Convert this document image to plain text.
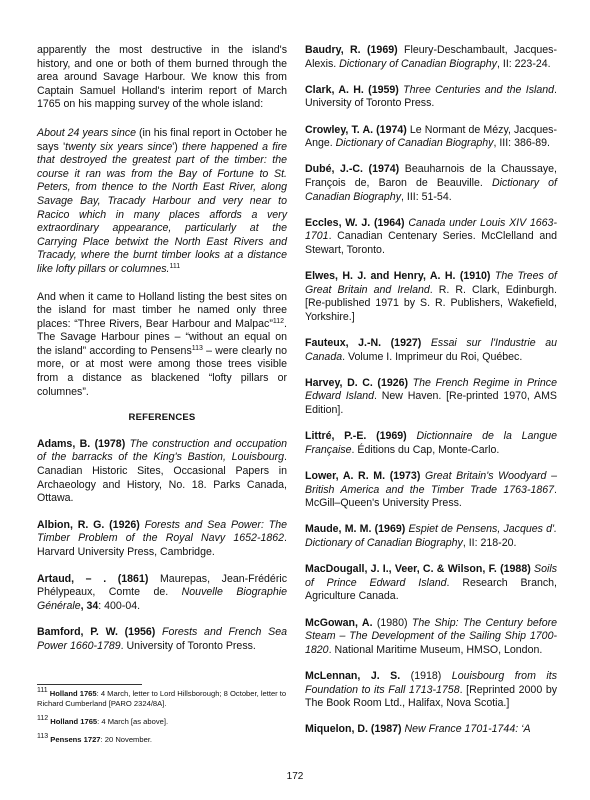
apparently the most destructive in the island's history, and one or both of them burned through the area around Savage Harbour. We know this from Captain Samuel Holland's interim report of March 1765 on his mapping survey of the whole island:

About 24 years since (in his final report in October he says 'twenty six years since') there happened a fire that destroyed the greatest part of the timber: the course it ran was from the Bay of Fortune to St. Peters, from thence to the North East River, along Savage Bay, Tracady Harbour and very near to Racico which in many places affords a very extraordinary appearance, particularly at the Carrying Place betwixt the North East Rivers and Tracady, where the burnt timber looks at a distance like lofty pillars or columnes.$^{111}$

And when it came to Holland listing the best sites on the island for mast timber he named only three places: “Three Rivers, Bear Harbour and Malpac”$^{112}$. The Savage Harbour pines – “without an equal on the island” according to Pensens$^{113}$ – were clearly no more, or at most were among those trees visible from a distance as blackened “lofty pillars or columnes”.

REFERENCES

Adams, B. (1978) The construction and occupation of the barracks of the King's Bastion, Louisbourg. Canadian Historic Sites, Occasional Papers in Archaeology and History, No. 18. Parks Canada, Ottawa.

Albion, R. G. (1926) Forests and Sea Power: The Timber Problem of the Royal Navy 1652-1862. Harvard University Press, Cambridge.

Artaud, – . (1861) Maurepas, Jean-Frédéric Phélypeaux, Comte de. Nouvelle Biographie Générale, 34: 400-04.

Bamford, P. W. (1956) Forests and French Sea Power 1660-1789. University of Toronto Press.

Baudry, R. (1969) Fleury-Deschambault, Jacques-Alexis. Dictionary of Canadian Biography, II: 223-24.

Clark, A. H. (1959) Three Centuries and the Island. University of Toronto Press.

Crowley, T. A. (1974) Le Normant de Mézy, Jacques-Ange. Dictionary of Canadian Biography, III: 386-89.

Dubé, J.-C. (1974) Beauharnois de la Chaussaye, François de, Baron de Beauville. Dictionary of Canadian Biography, III: 51-54.

Eccles, W. J. (1964) Canada under Louis XIV 1663-1701. Canadian Centenary Series. McClelland and Stewart, Toronto.

Elwes, H. J. and Henry, A. H. (1910) The Trees of Great Britain and Ireland. R. R. Clark, Edinburgh. [Re-published 1971 by S. R. Publishers, Wakefield, Yorkshire.]

Fauteux, J.-N. (1927) Essai sur l'Industrie au Canada. Volume I. Imprimeur du Roi, Québec.

Harvey, D. C. (1926) The French Regime in Prince Edward Island. New Haven. [Re-printed 1970, AMS Edition].

Littré, P.-E. (1969) Dictionnaire de la Langue Française. Éditions du Cap, Monte-Carlo.

Lower, A. R. M. (1973) Great Britain's Woodyard – British America and the Timber Trade 1763-1867. McGill–Queen's University Press.

Maude, M. M. (1969) Espiet de Pensens, Jacques d'. Dictionary of Canadian Biography, II: 218-20.

MacDougall, J. I., Veer, C. & Wilson, F. (1988) Soils of Prince Edward Island. Research Branch, Agriculture Canada.

McGowan, A. (1980) The Ship: The Century before Steam – The Development of the Sailing Ship 1700-1820. National Maritime Museum, HMSO, London.

McLennan, J. S. (1918) Louisbourg from its Foundation to its Fall 1713-1758. [Reprinted 2000 by The Book Room Ltd., Halifax, Nova Scotia.]

Miquelon, D. (1987) New France 1701-1744: ‘A

$^{111}$ Holland 1765: 4 March, letter to Lord Hillsborough; 8 October, letter to Richard Cumberland [PARO 2324/8A].
$^{112}$ Holland 1765: 4 March [as above].
$^{113}$ Pensens 1727: 20 November.
172
